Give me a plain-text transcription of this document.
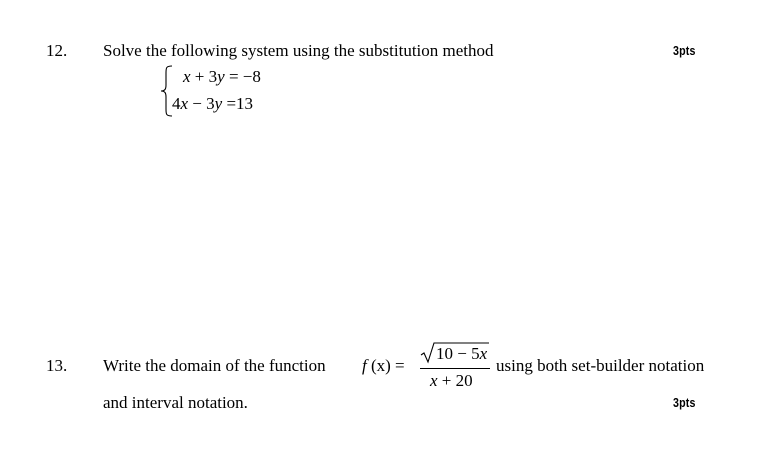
12. Solve the following system using the substitution method	3pts
x + 3y = −8
4x − 3y =13
13. Write the domain of the function f (x) =
10 − 5x
x + 20
using both set-builder notation
and interval notation.	3pts
